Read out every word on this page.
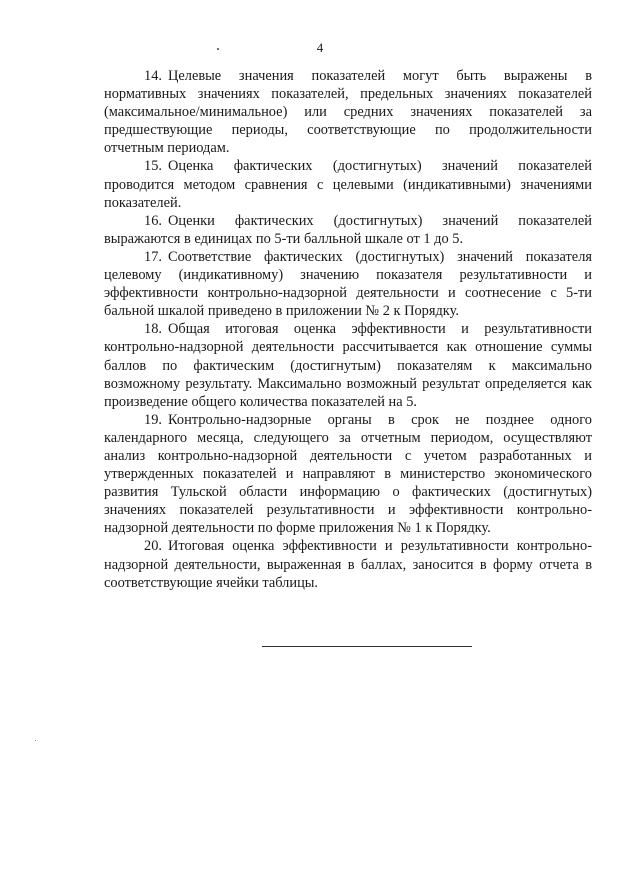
4

14. Целевые значения показателей могут быть выражены в нормативных значениях показателей, предельных значениях показателей (максимальное/минимальное) или средних значениях показателей за предшествующие периоды, соответствующие по продолжительности отчетным периодам.

15. Оценка фактических (достигнутых) значений показателей проводится методом сравнения с целевыми (индикативными) значениями показателей.

16. Оценки фактических (достигнутых) значений показателей выражаются в единицах по 5-ти балльной шкале от 1 до 5.

17. Соответствие фактических (достигнутых) значений показателя целевому (индикативному) значению показателя результативности и эффективности контрольно-надзорной деятельности и соотнесение с 5-ти бальной шкалой приведено в приложении № 2 к Порядку.

18. Общая итоговая оценка эффективности и результативности контрольно-надзорной деятельности рассчитывается как отношение суммы баллов по фактическим (достигнутым) показателям к максимально возможному результату. Максимально возможный результат определяется как произведение общего количества показателей на 5.

19. Контрольно-надзорные органы в срок не позднее одного календарного месяца, следующего за отчетным периодом, осуществляют анализ контрольно-надзорной деятельности с учетом разработанных и утвержденных показателей и направляют в министерство экономического развития Тульской области информацию о фактических (достигнутых) значениях показателей результативности и эффективности контрольно-надзорной деятельности по форме приложения № 1 к Порядку.

20. Итоговая оценка эффективности и результативности контрольно-надзорной деятельности, выраженная в баллах, заносится в форму отчета в соответствующие ячейки таблицы.
